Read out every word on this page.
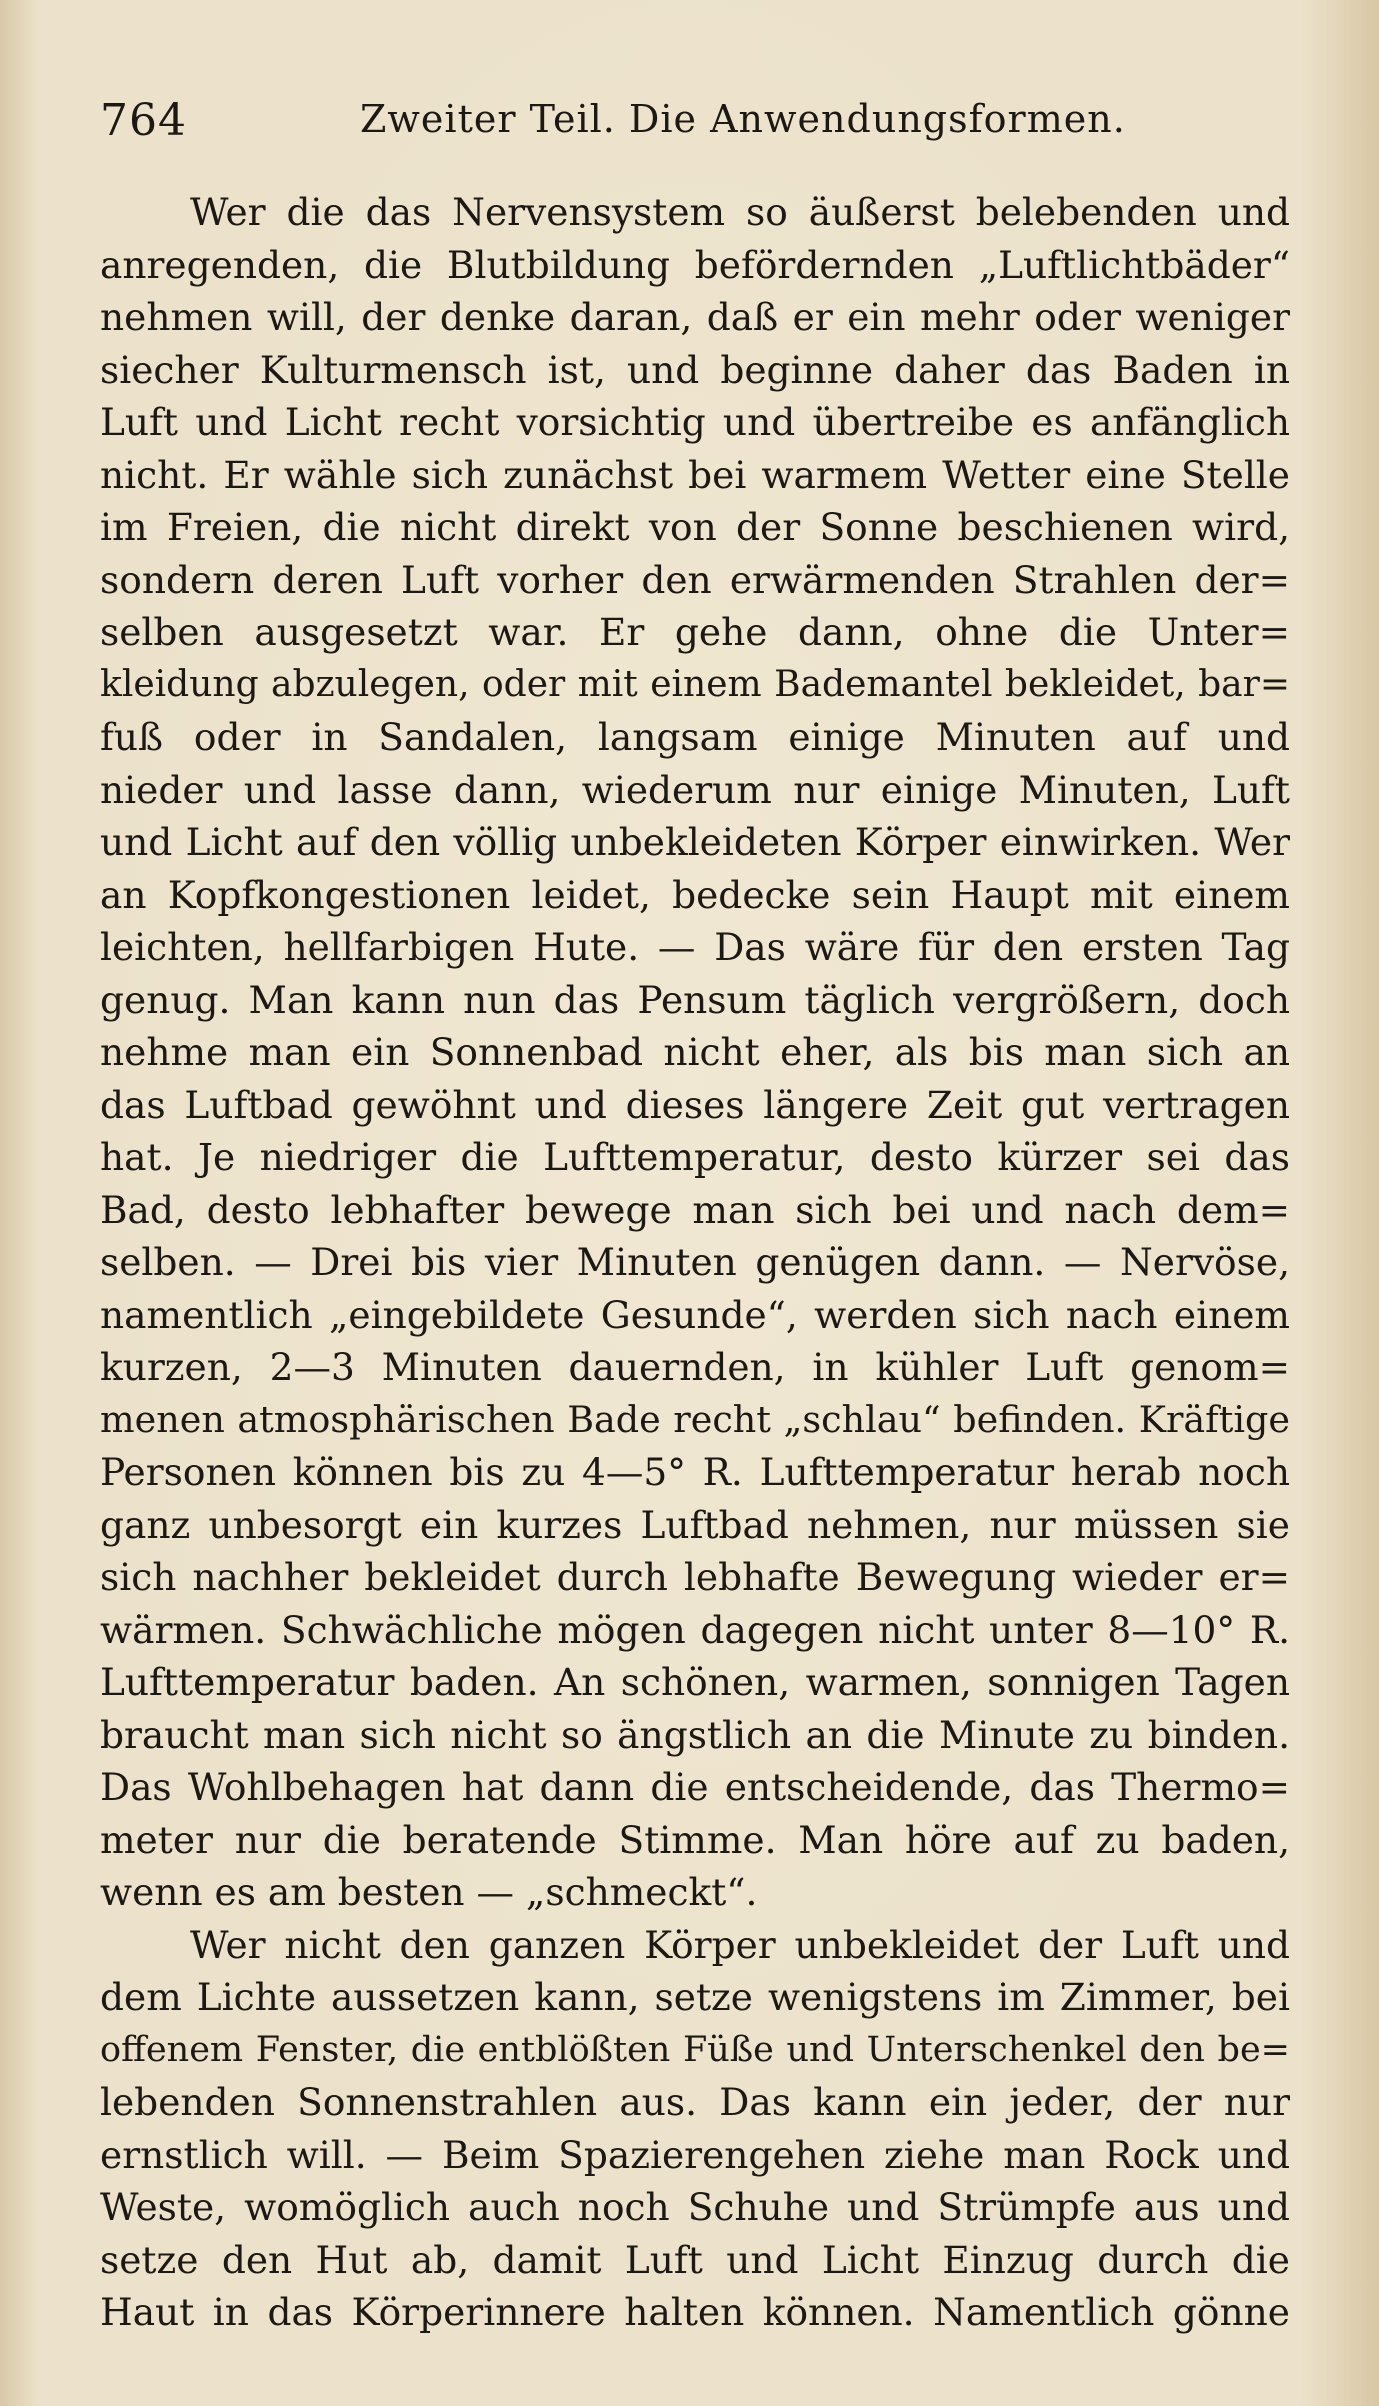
764	Zweiter Teil. Die Anwendungsformen.
Wer die das Nervensystem so äußerst belebenden und
anregenden, die Blutbildung befördernden „Luftlichtbäder“
nehmen will, der denke daran, daß er ein mehr oder weniger
siecher Kulturmensch ist, und beginne daher das Baden in
Luft und Licht recht vorsichtig und übertreibe es anfänglich
nicht. Er wähle sich zunächst bei warmem Wetter eine Stelle
im Freien, die nicht direkt von der Sonne beschienen wird,
sondern deren Luft vorher den erwärmenden Strahlen der=
selben ausgesetzt war. Er gehe dann, ohne die Unter=
kleidung abzulegen, oder mit einem Bademantel bekleidet, bar=
fuß oder in Sandalen, langsam einige Minuten auf und
nieder und lasse dann, wiederum nur einige Minuten, Luft
und Licht auf den völlig unbekleideten Körper einwirken. Wer
an Kopfkongestionen leidet, bedecke sein Haupt mit einem
leichten, hellfarbigen Hute. — Das wäre für den ersten Tag
genug. Man kann nun das Pensum täglich vergrößern, doch
nehme man ein Sonnenbad nicht eher, als bis man sich an
das Luftbad gewöhnt und dieses längere Zeit gut vertragen
hat. Je niedriger die Lufttemperatur, desto kürzer sei das
Bad, desto lebhafter bewege man sich bei und nach dem=
selben. — Drei bis vier Minuten genügen dann. — Nervöse,
namentlich „eingebildete Gesunde“, werden sich nach einem
kurzen, 2—3 Minuten dauernden, in kühler Luft genom=
menen atmosphärischen Bade recht „schlau“ befinden. Kräftige
Personen können bis zu 4—5° R. Lufttemperatur herab noch
ganz unbesorgt ein kurzes Luftbad nehmen, nur müssen sie
sich nachher bekleidet durch lebhafte Bewegung wieder er=
wärmen. Schwächliche mögen dagegen nicht unter 8—10° R.
Lufttemperatur baden. An schönen, warmen, sonnigen Tagen
braucht man sich nicht so ängstlich an die Minute zu binden.
Das Wohlbehagen hat dann die entscheidende, das Thermo=
meter nur die beratende Stimme. Man höre auf zu baden,
wenn es am besten — „schmeckt“.
Wer nicht den ganzen Körper unbekleidet der Luft und
dem Lichte aussetzen kann, setze wenigstens im Zimmer, bei
offenem Fenster, die entblößten Füße und Unterschenkel den be=
lebenden Sonnenstrahlen aus. Das kann ein jeder, der nur
ernstlich will. — Beim Spazierengehen ziehe man Rock und
Weste, womöglich auch noch Schuhe und Strümpfe aus und
setze den Hut ab, damit Luft und Licht Einzug durch die
Haut in das Körperinnere halten können. Namentlich gönne
